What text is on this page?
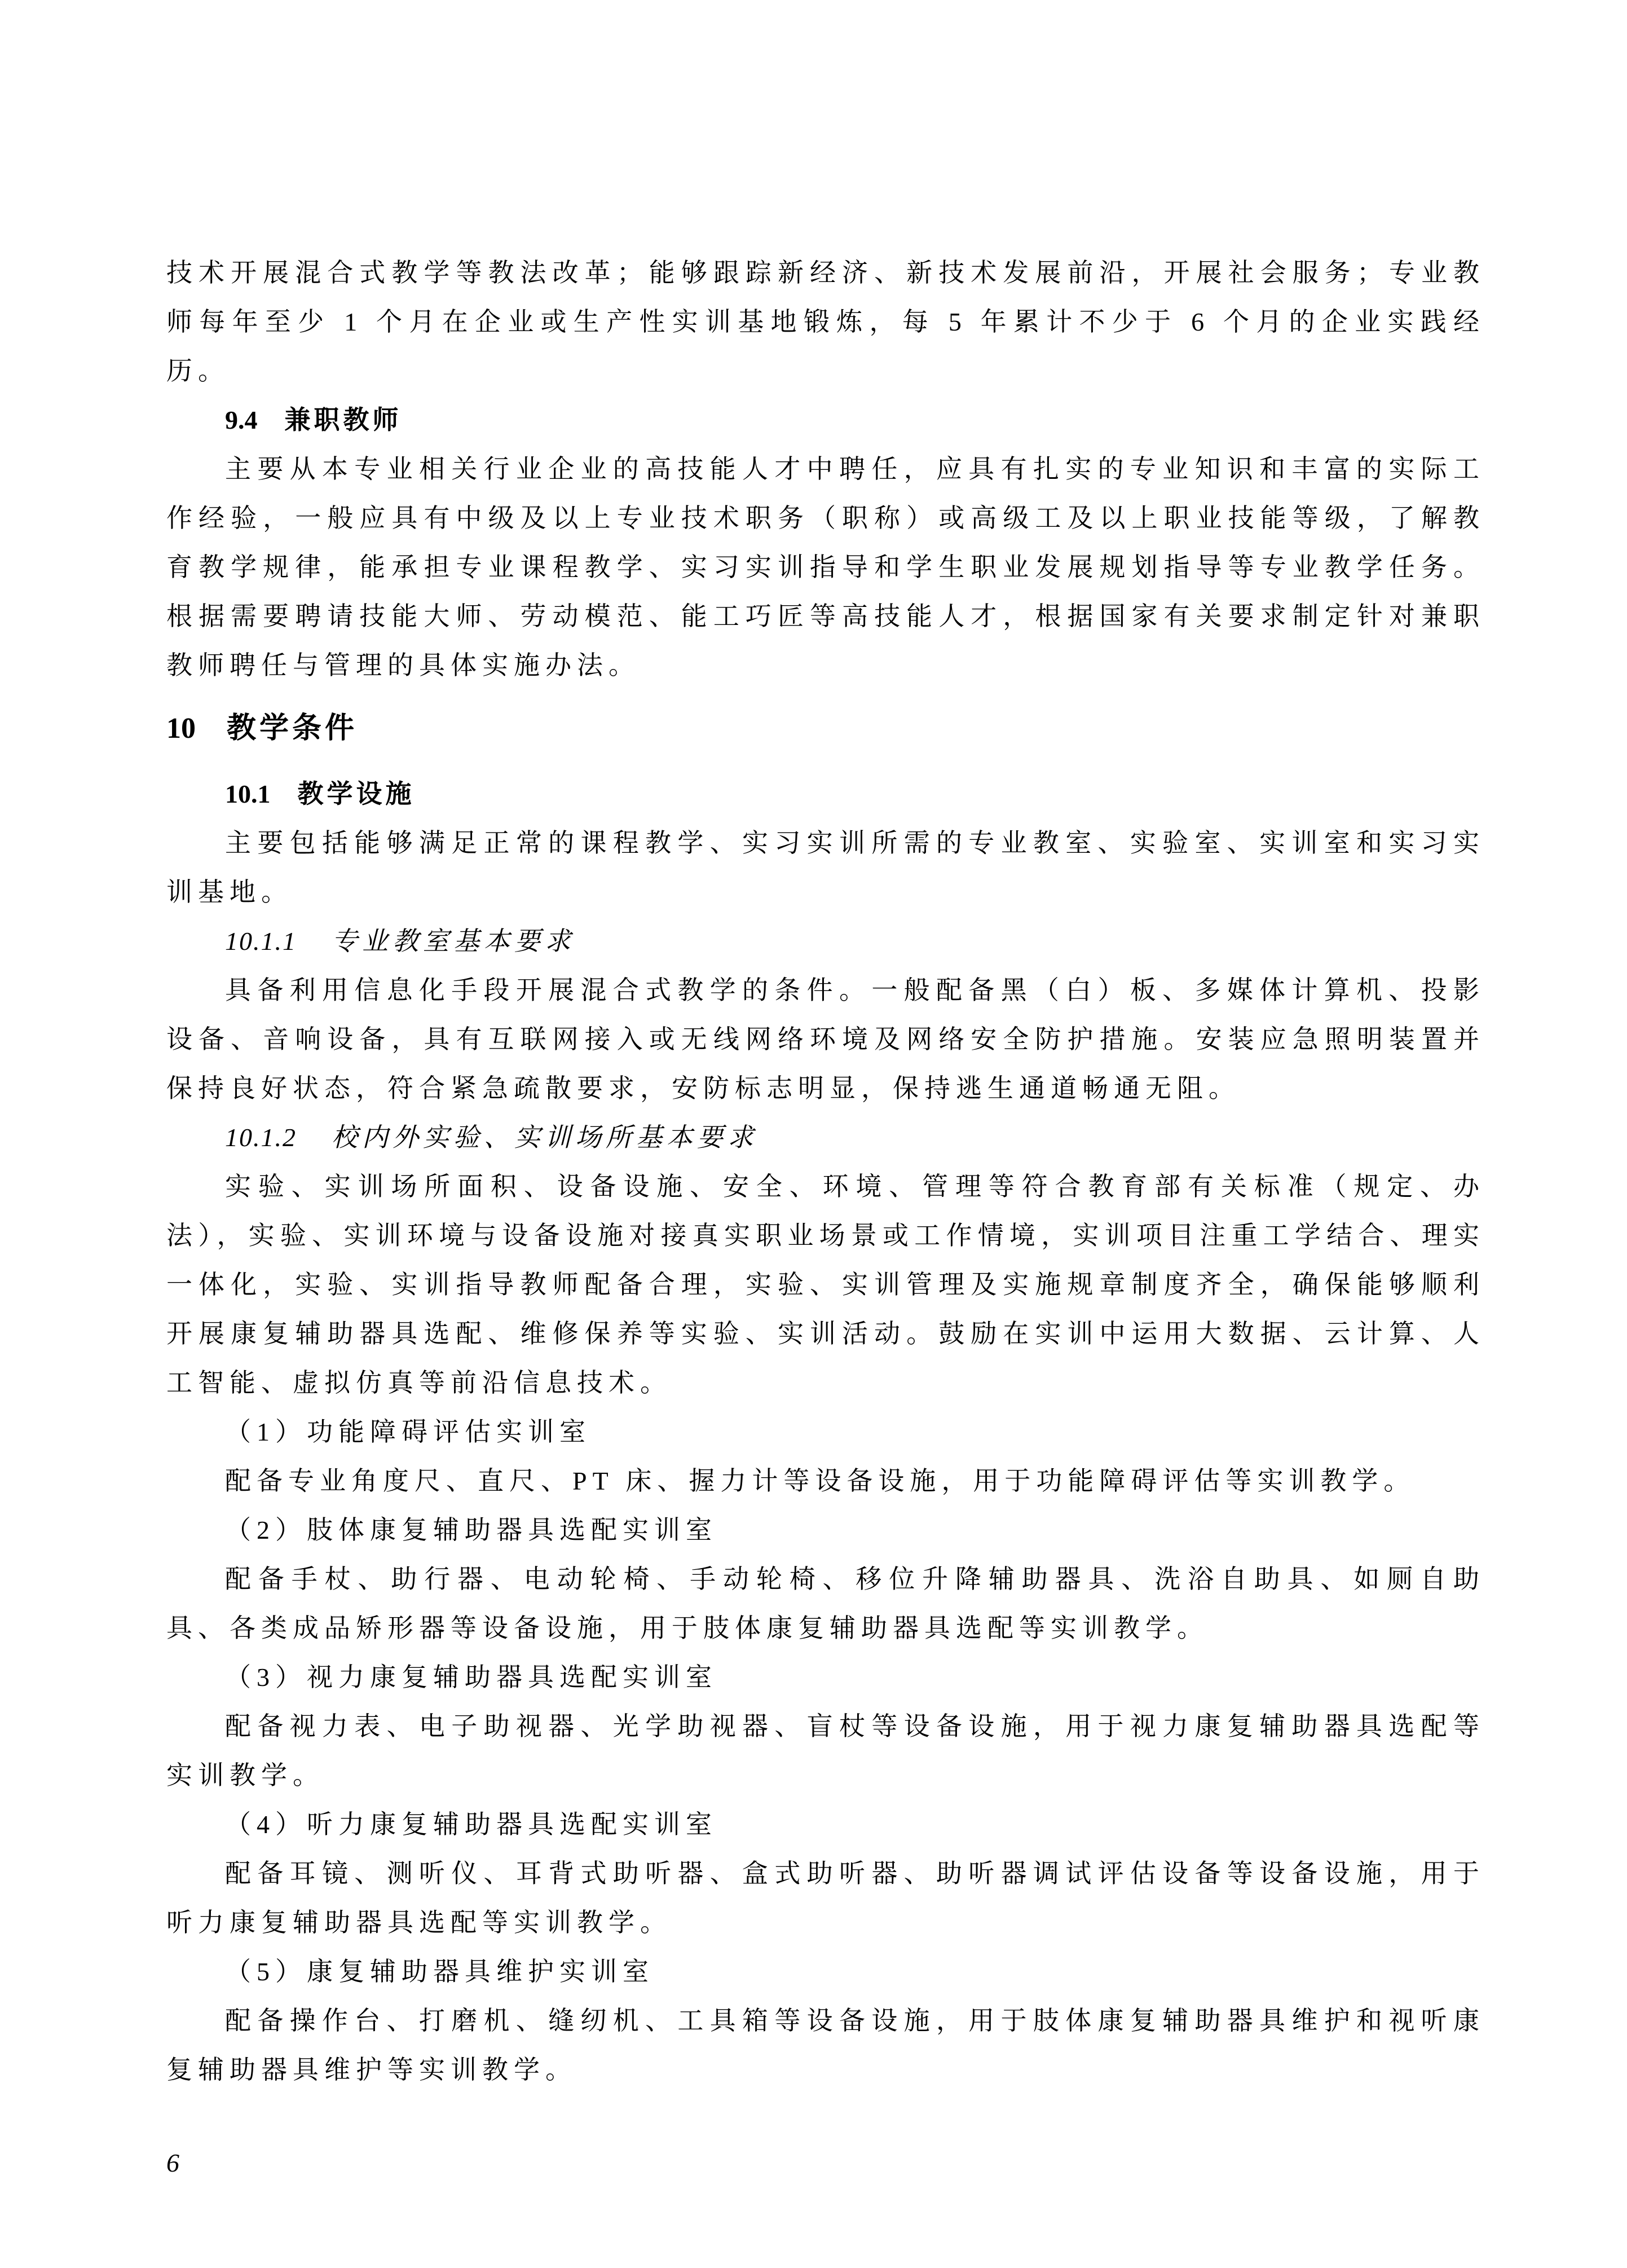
技术开展混合式教学等教法改革；能够跟踪新经济、新技术发展前沿，开展社会服务；专业教师每年至少 1 个月在企业或生产性实训基地锻炼，每 5 年累计不少于 6 个月的企业实践经历。

9.4 兼职教师

主要从本专业相关行业企业的高技能人才中聘任，应具有扎实的专业知识和丰富的实际工作经验，一般应具有中级及以上专业技术职务（职称）或高级工及以上职业技能等级，了解教育教学规律，能承担专业课程教学、实习实训指导和学生职业发展规划指导等专业教学任务。根据需要聘请技能大师、劳动模范、能工巧匠等高技能人才，根据国家有关要求制定针对兼职教师聘任与管理的具体实施办法。

10 教学条件
10.1 教学设施

主要包括能够满足正常的课程教学、实习实训所需的专业教室、实验室、实训室和实习实训基地。

10.1.1 专业教室基本要求

具备利用信息化手段开展混合式教学的条件。一般配备黑（白）板、多媒体计算机、投影设备、音响设备，具有互联网接入或无线网络环境及网络安全防护措施。安装应急照明装置并保持良好状态，符合紧急疏散要求，安防标志明显，保持逃生通道畅通无阻。

10.1.2 校内外实验、实训场所基本要求

实验、实训场所面积、设备设施、安全、环境、管理等符合教育部有关标准（规定、办法），实验、实训环境与设备设施对接真实职业场景或工作情境，实训项目注重工学结合、理实一体化，实验、实训指导教师配备合理，实验、实训管理及实施规章制度齐全，确保能够顺利开展康复辅助器具选配、维修保养等实验、实训活动。鼓励在实训中运用大数据、云计算、人工智能、虚拟仿真等前沿信息技术。

（1）功能障碍评估实训室

配备专业角度尺、直尺、PT 床、握力计等设备设施，用于功能障碍评估等实训教学。

（2）肢体康复辅助器具选配实训室

配备手杖、助行器、电动轮椅、手动轮椅、移位升降辅助器具、洗浴自助具、如厕自助具、各类成品矫形器等设备设施，用于肢体康复辅助器具选配等实训教学。

（3）视力康复辅助器具选配实训室

配备视力表、电子助视器、光学助视器、盲杖等设备设施，用于视力康复辅助器具选配等实训教学。

（4）听力康复辅助器具选配实训室

配备耳镜、测听仪、耳背式助听器、盒式助听器、助听器调试评估设备等设备设施，用于听力康复辅助器具选配等实训教学。

（5）康复辅助器具维护实训室

配备操作台、打磨机、缝纫机、工具箱等设备设施，用于肢体康复辅助器具维护和视听康复辅助器具维护等实训教学。

6
